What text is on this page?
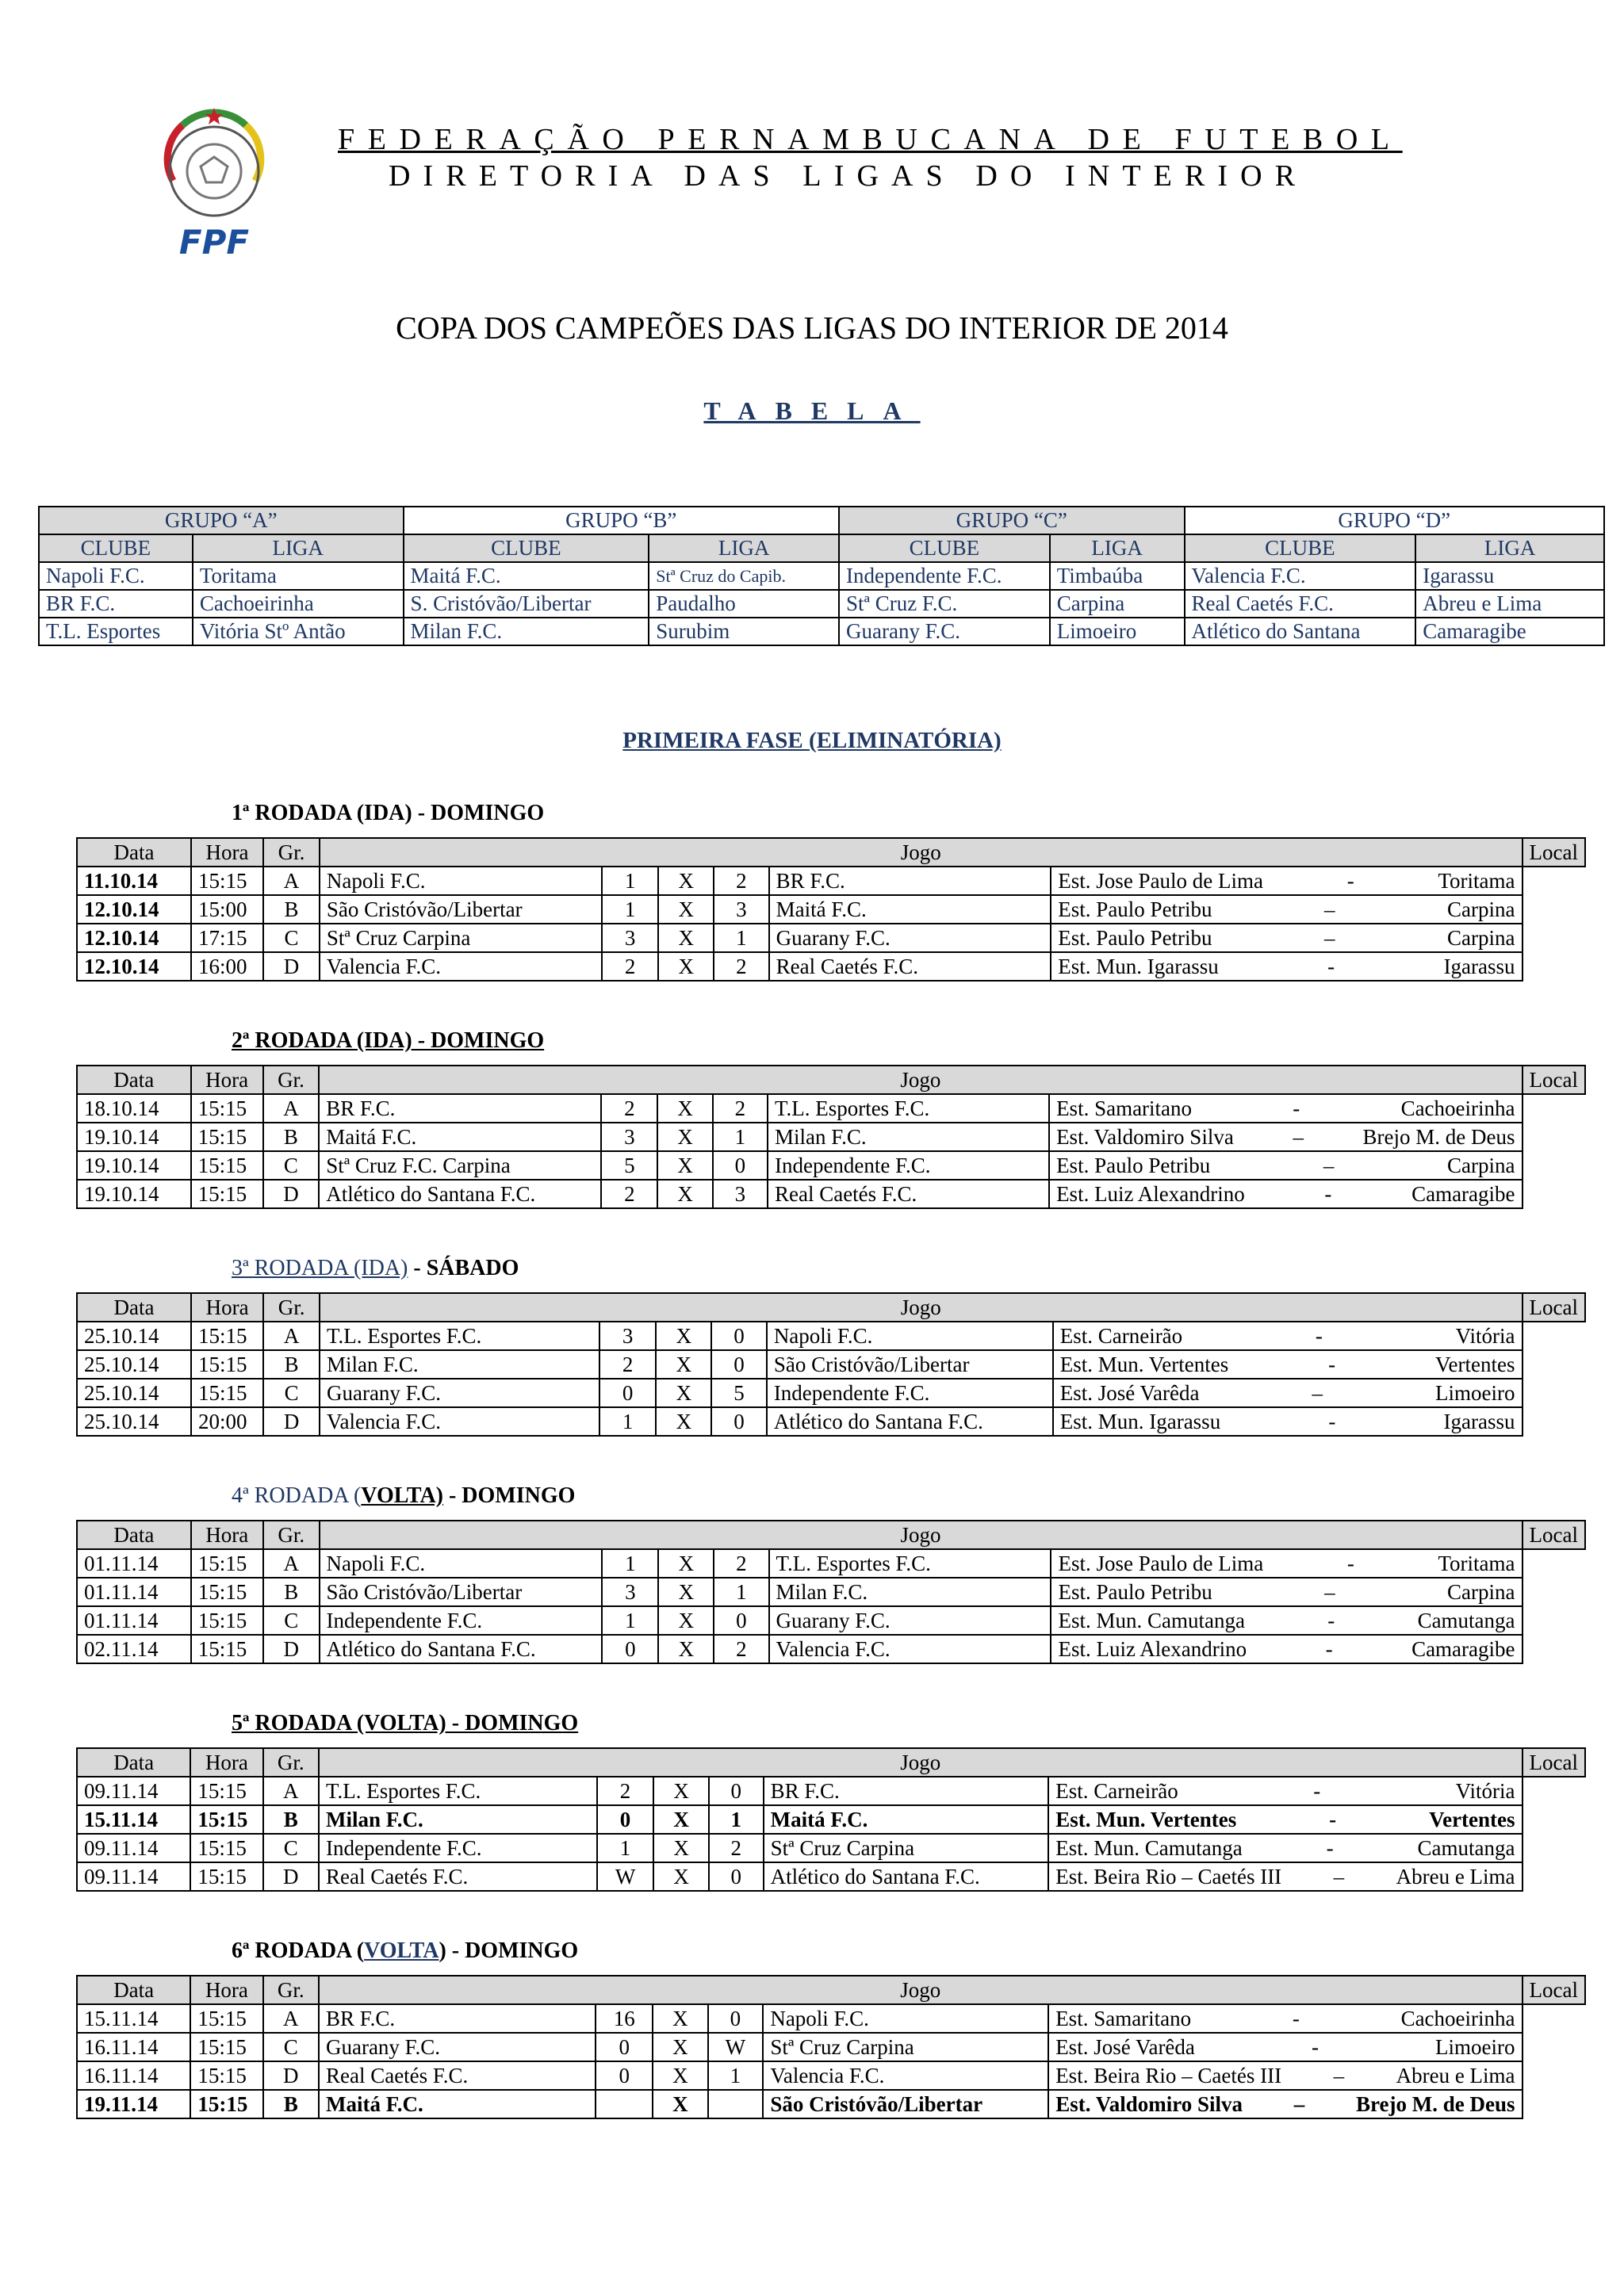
FPF
FEDERAÇÃO PERNAMBUCANA DE FUTEBOL
DIRETORIA DAS LIGAS DO INTERIOR
COPA DOS CAMPEÕES DAS LIGAS DO INTERIOR DE 2014
TABELA
GRUPO “A”		GRUPO “B”		GRUPO “C”		GRUPO “D”	
CLUBE	LIGA	CLUBE	LIGA	CLUBE	LIGA	CLUBE	LIGA
Napoli F.C.	Toritama	Maitá F.C.	Stª Cruz do Capib.	Independente F.C.	Timbaúba	Valencia F.C.	Igarassu
BR F.C.	Cachoeirinha	S. Cristóvão/Libertar	Paudalho	Stª Cruz F.C.	Carpina	Real Caetés F.C.	Abreu e Lima
T.L. Esportes	Vitória Stº Antão	Milan F.C.	Surubim	Guarany F.C.	Limoeiro	Atlético do Santana	Camaragibe
PRIMEIRA FASE (ELIMINATÓRIA)
1ª RODADA (IDA) - DOMINGO
2ª RODADA (IDA) - DOMINGO
3ª RODADA (IDA) - SÁBADO
4ª RODADA (VOLTA) - DOMINGO
5ª RODADA (VOLTA) - DOMINGO
6ª RODADA (VOLTA) - DOMINGO
Data	Hora	Gr.	Jogo						Local
11.10.14	15:15	A	Napoli F.C.	1	X	2	BR F.C.	Est. Jose Paulo de Lima - Toritama	

12.10.14	15:00	B	São Cristóvão/Libertar	1	X	3	Maitá F.C.	Est. Paulo Petribu – Carpina	

12.10.14	17:15	C	Stª Cruz Carpina	3	X	1	Guarany F.C.	Est. Paulo Petribu – Carpina	

12.10.14	16:00	D	Valencia F.C.	2	X	2	Real Caetés F.C.	Est. Mun. Igarassu - Igarassu	
Data	Hora	Gr.	Jogo						Local
18.10.14	15:15	A	BR F.C.	2	X	2	T.L. Esportes F.C.	Est. Samaritano - Cachoeirinha	

19.10.14	15:15	B	Maitá F.C.	3	X	1	Milan F.C.	Est. Valdomiro Silva – Brejo M. de Deus	

19.10.14	15:15	C	Stª Cruz F.C. Carpina	5	X	0	Independente F.C.	Est. Paulo Petribu – Carpina	

19.10.14	15:15	D	Atlético do Santana F.C.	2	X	3	Real Caetés F.C.	Est. Luiz Alexandrino - Camaragibe	
Data	Hora	Gr.	Jogo						Local
25.10.14	15:15	A	T.L. Esportes F.C.	3	X	0	Napoli F.C.	Est. Carneirão - Vitória	

25.10.14	15:15	B	Milan F.C.	2	X	0	São Cristóvão/Libertar	Est. Mun. Vertentes - Vertentes	

25.10.14	15:15	C	Guarany F.C.	0	X	5	Independente F.C.	Est. José Varêda – Limoeiro	

25.10.14	20:00	D	Valencia F.C.	1	X	0	Atlético do Santana F.C.	Est. Mun. Igarassu - Igarassu	
Data	Hora	Gr.	Jogo						Local
01.11.14	15:15	A	Napoli F.C.	1	X	2	T.L. Esportes F.C.	Est. Jose Paulo de Lima - Toritama	

01.11.14	15:15	B	São Cristóvão/Libertar	3	X	1	Milan F.C.	Est. Paulo Petribu – Carpina	

01.11.14	15:15	C	Independente F.C.	1	X	0	Guarany F.C.	Est. Mun. Camutanga - Camutanga	

02.11.14	15:15	D	Atlético do Santana F.C.	0	X	2	Valencia F.C.	Est. Luiz Alexandrino - Camaragibe	
Data	Hora	Gr.	Jogo						Local
09.11.14	15:15	A	T.L. Esportes F.C.	2	X	0	BR F.C.	Est. Carneirão - Vitória	

15.11.14	15:15	B	Milan F.C.	0	X	1	Maitá F.C.	Est. Mun. Vertentes - Vertentes	

09.11.14	15:15	C	Independente F.C.	1	X	2	Stª Cruz Carpina	Est. Mun. Camutanga - Camutanga	

09.11.14	15:15	D	Real Caetés F.C.	W	X	0	Atlético do Santana F.C.	Est. Beira Rio – Caetés III – Abreu e Lima	
Data	Hora	Gr.	Jogo						Local
15.11.14	15:15	A	BR F.C.	16	X	0	Napoli F.C.	Est. Samaritano - Cachoeirinha	

16.11.14	15:15	C	Guarany F.C.	0	X	W	Stª Cruz Carpina	Est. José Varêda - Limoeiro	

16.11.14	15:15	D	Real Caetés F.C.	0	X	1	Valencia F.C.	Est. Beira Rio – Caetés III – Abreu e Lima	

19.11.14	15:15	B	Maitá F.C.		X		São Cristóvão/Libertar	Est. Valdomiro Silva – Brejo M. de Deus	
